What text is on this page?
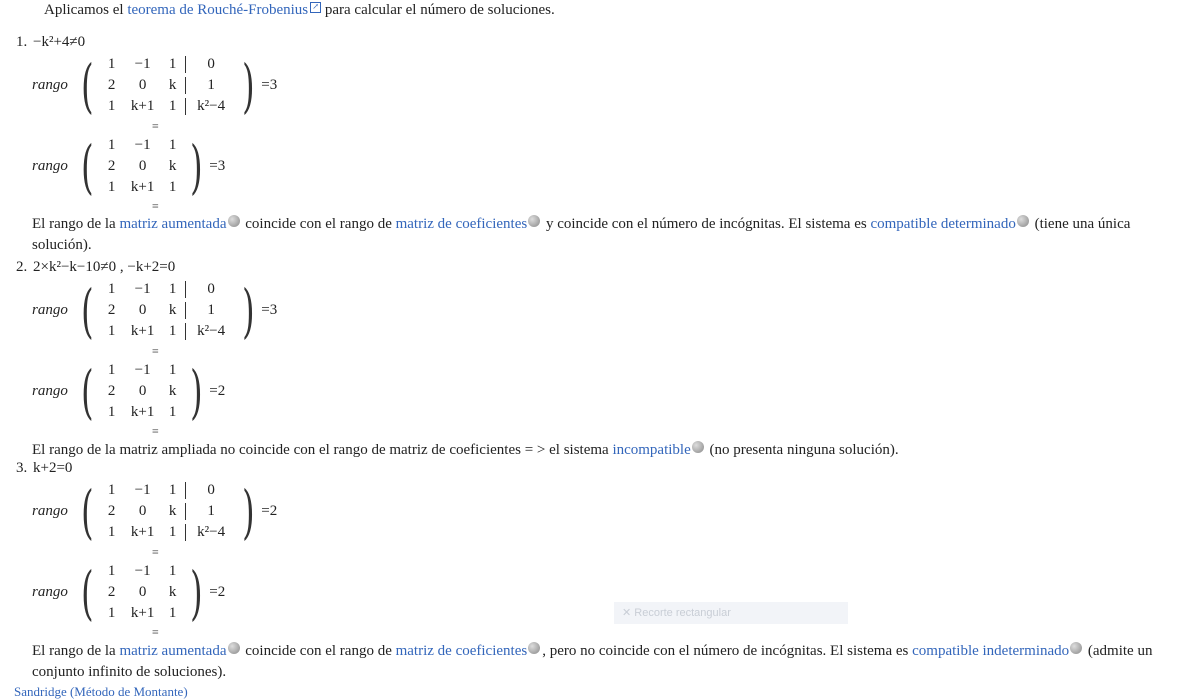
Aplicamos el teorema de Rouché-Frobenius ↗ para calcular el número de soluciones.
1. −k²+4≠0
rango ( 1	−1	1	0
2	0	k	1
1	k+1 1	k²−4 ) =3
≡
rango ( 1	−1	1
2	0	k
1	k+1 1 ) =3
≡
El rango de la matriz aumentada coincide con el rango de matriz de coeficientes y coincide con el número de incógnitas. El sistema es compatible determinado (tiene una única solución).
2. 2×k²−k−10≠0 , −k+2=0
rango ( 1	−1	1	0
2	0	k	1
1	k+1 1	k²−4 ) =3
≡
rango ( 1	−1	1
2	0	k
1	k+1 1 ) =2
≡
El rango de la matriz ampliada no coincide con el rango de matriz de coeficientes = > el sistema incompatible (no presenta ninguna solución).
3. k+2=0
rango ( 1	−1	1	0
2	0	k	1
1	k+1 1	k²−4 ) =2
≡
rango ( 1	−1	1
2	0	k
1	k+1 1 ) =2
≡
El rango de la matriz aumentada coincide con el rango de matriz de coeficientes , pero no coincide con el número de incógnitas. El sistema es compatible indeterminado (admite un conjunto infinito de soluciones).
✕ Recorte rectangular
Sandridge (Método de Montante)
